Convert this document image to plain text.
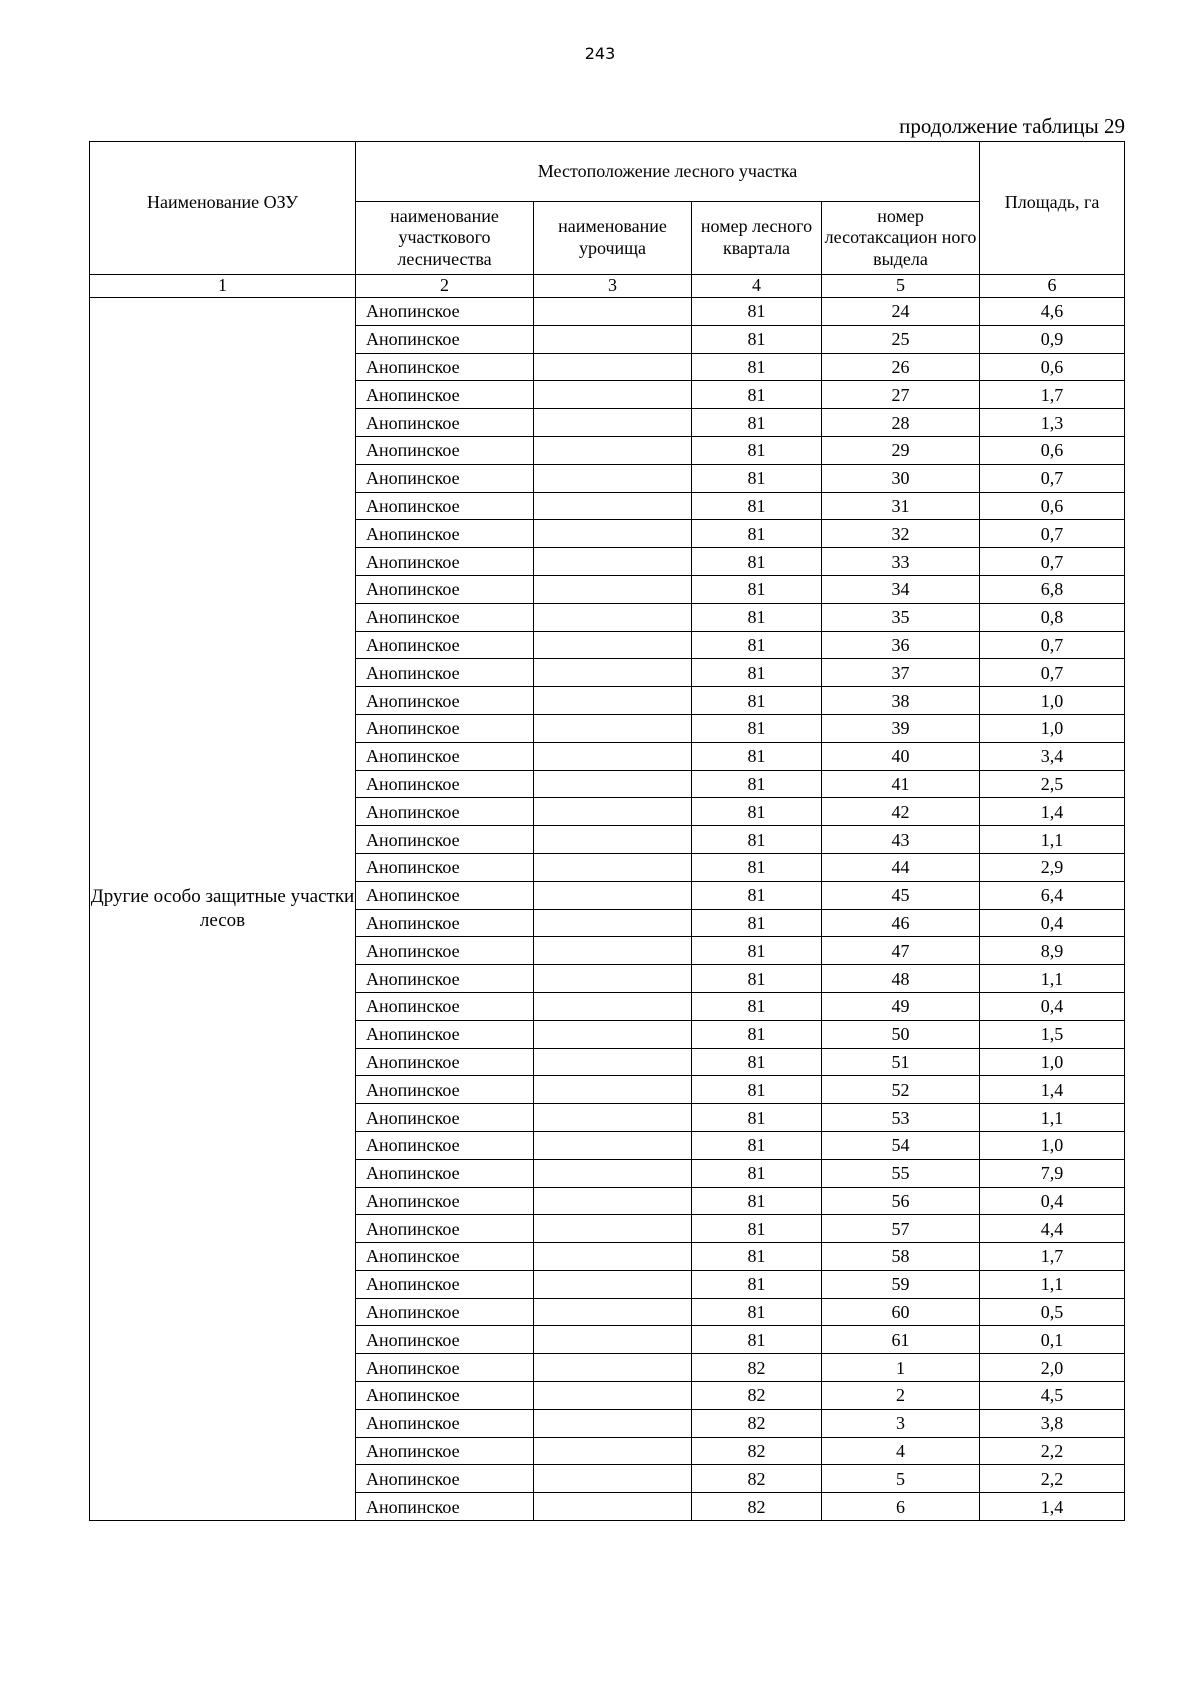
243
продолжение таблицы 29
Наименование ОЗУ	Местоположение лесного участка				Площадь, га
	наименование участкового лесничества	наименование урочища	номер лесного квартала	номер лесотаксацион ного выдела	
1	2	3	4	5	6
Другие особо защитные участки лесов	Анопинское		81	24	4,6
	Анопинское		81	25	0,9
	Анопинское		81	26	0,6
	Анопинское		81	27	1,7
	Анопинское		81	28	1,3
	Анопинское		81	29	0,6
	Анопинское		81	30	0,7
	Анопинское		81	31	0,6
	Анопинское		81	32	0,7
	Анопинское		81	33	0,7
	Анопинское		81	34	6,8
	Анопинское		81	35	0,8
	Анопинское		81	36	0,7
	Анопинское		81	37	0,7
	Анопинское		81	38	1,0
	Анопинское		81	39	1,0
	Анопинское		81	40	3,4
	Анопинское		81	41	2,5
	Анопинское		81	42	1,4
	Анопинское		81	43	1,1
	Анопинское		81	44	2,9
	Анопинское		81	45	6,4
	Анопинское		81	46	0,4
	Анопинское		81	47	8,9
	Анопинское		81	48	1,1
	Анопинское		81	49	0,4
	Анопинское		81	50	1,5
	Анопинское		81	51	1,0
	Анопинское		81	52	1,4
	Анопинское		81	53	1,1
	Анопинское		81	54	1,0
	Анопинское		81	55	7,9
	Анопинское		81	56	0,4
	Анопинское		81	57	4,4
	Анопинское		81	58	1,7
	Анопинское		81	59	1,1
	Анопинское		81	60	0,5
	Анопинское		81	61	0,1
	Анопинское		82	1	2,0
	Анопинское		82	2	4,5
	Анопинское		82	3	3,8
	Анопинское		82	4	2,2
	Анопинское		82	5	2,2
	Анопинское		82	6	1,4
